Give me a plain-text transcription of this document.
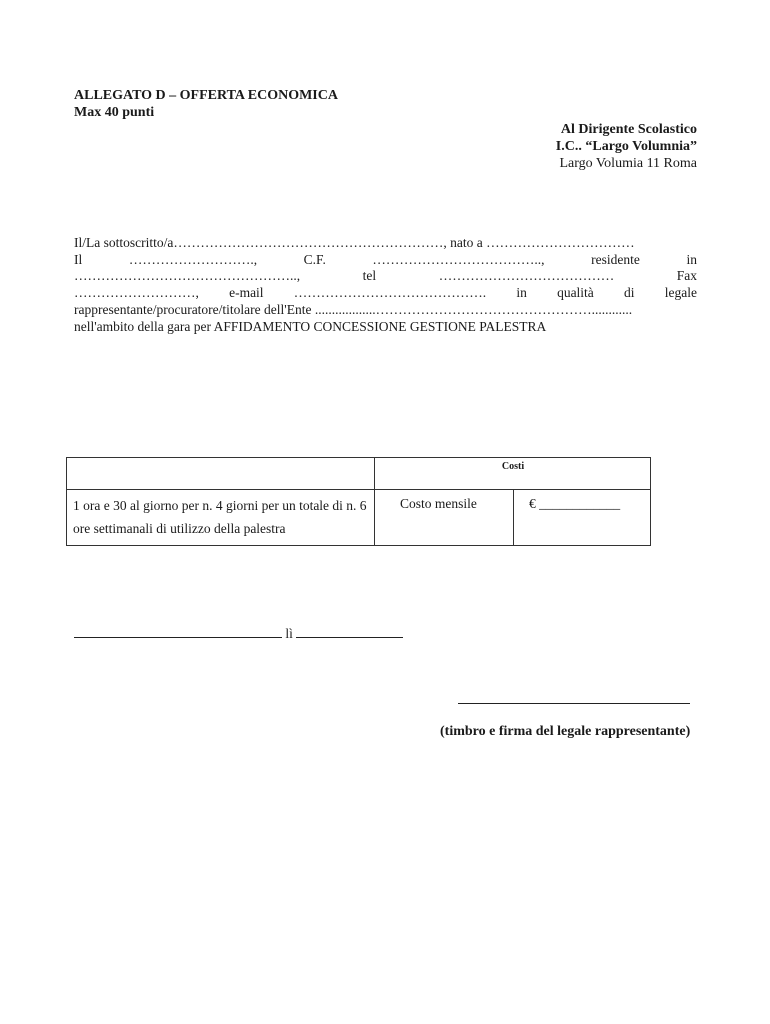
ALLEGATO D – OFFERTA ECONOMICA
Max 40 punti
Al Dirigente Scolastico
I.C.. “Largo Volumnia”
Largo Volumia 11 Roma
Il/La sottoscritto/a……………………………………………………, nato a ……………………………
Il	……………………….,	C.F.	………………………………..,	residente	in
…………………………………………..,	tel	…………………………………	Fax
………………………, e-mail ……………………………………. in qualità di legale
rappresentante/procuratore/titolare dell'Ente ..................…………………………………………............
nell'ambito della gara per AFFIDAMENTO CONCESSIONE GESTIONE PALESTRA
Costi
1 ora e 30 al giorno per n. 4 giorni per un totale di n. 6 ore settimanali di utilizzo della palestra
Costo mensile	€ ____________
lì
(timbro e firma del legale rappresentante)
